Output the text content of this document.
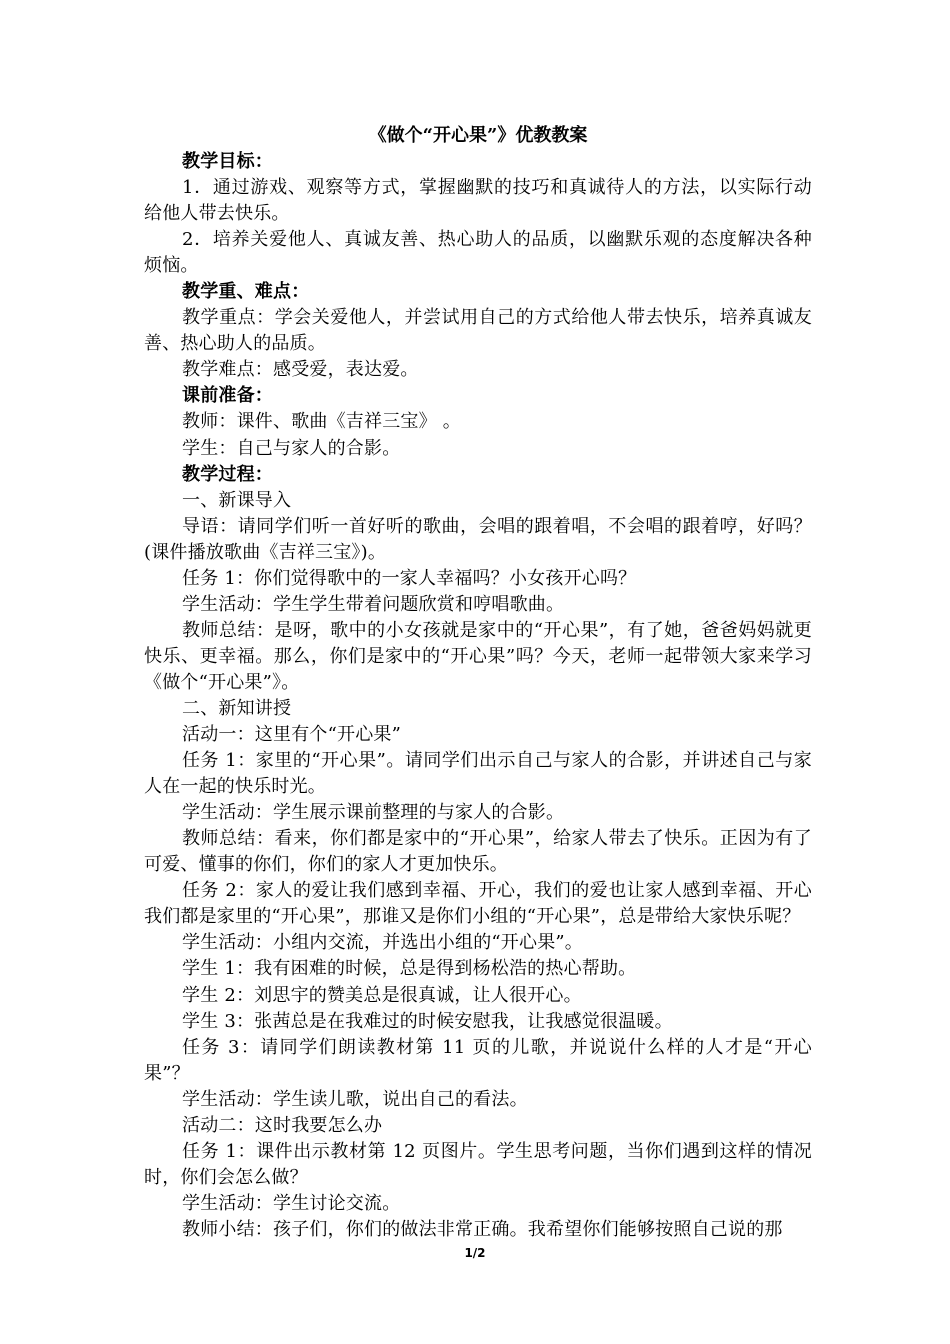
《做个“开心果”》优教教案

教学目标：

1．通过游戏、观察等方式，掌握幽默的技巧和真诚待人的方法，以实际行动给他人带去快乐。

2．培养关爱他人、真诚友善、热心助人的品质，以幽默乐观的态度解决各种烦恼。

教学重、难点：

教学重点：学会关爱他人，并尝试用自己的方式给他人带去快乐，培养真诚友善、热心助人的品质。

教学难点：感受爱，表达爱。

课前准备：

教师：课件、歌曲《吉祥三宝》 。

学生：自己与家人的合影。

教学过程：

一、新课导入

导语：请同学们听一首好听的歌曲，会唱的跟着唱，不会唱的跟着哼，好吗？(课件播放歌曲《吉祥三宝》)。

任务 1：你们觉得歌中的一家人幸福吗？小女孩开心吗？

学生活动：学生学生带着问题欣赏和哼唱歌曲。

教师总结：是呀，歌中的小女孩就是家中的“开心果”，有了她，爸爸妈妈就更快乐、更幸福。那么，你们是家中的“开心果”吗？今天，老师一起带领大家来学习《做个“开心果”》。

二、新知讲授

活动一：这里有个“开心果”

任务 1：家里的“开心果”。请同学们出示自己与家人的合影，并讲述自己与家人在一起的快乐时光。

学生活动：学生展示课前整理的与家人的合影。

教师总结：看来，你们都是家中的“开心果”，给家人带去了快乐。正因为有了可爱、懂事的你们，你们的家人才更加快乐。

任务 2：家人的爱让我们感到幸福、开心，我们的爱也让家人感到幸福、开心我们都是家里的“开心果”，那谁又是你们小组的“开心果”，总是带给大家快乐呢？

学生活动：小组内交流，并选出小组的“开心果”。

学生 1：我有困难的时候，总是得到杨松浩的热心帮助。

学生 2：刘思宇的赞美总是很真诚，让人很开心。

学生 3：张茜总是在我难过的时候安慰我，让我感觉很温暖。

任务 3：请同学们朗读教材第 11 页的儿歌，并说说什么样的人才是“开心果”？

学生活动：学生读儿歌，说出自己的看法。

活动二：这时我要怎么办

任务 1：课件出示教材第 12 页图片。学生思考问题，当你们遇到这样的情况时，你们会怎么做？

学生活动：学生讨论交流。

教师小结：孩子们，你们的做法非常正确。我希望你们能够按照自己说的那

1/2
